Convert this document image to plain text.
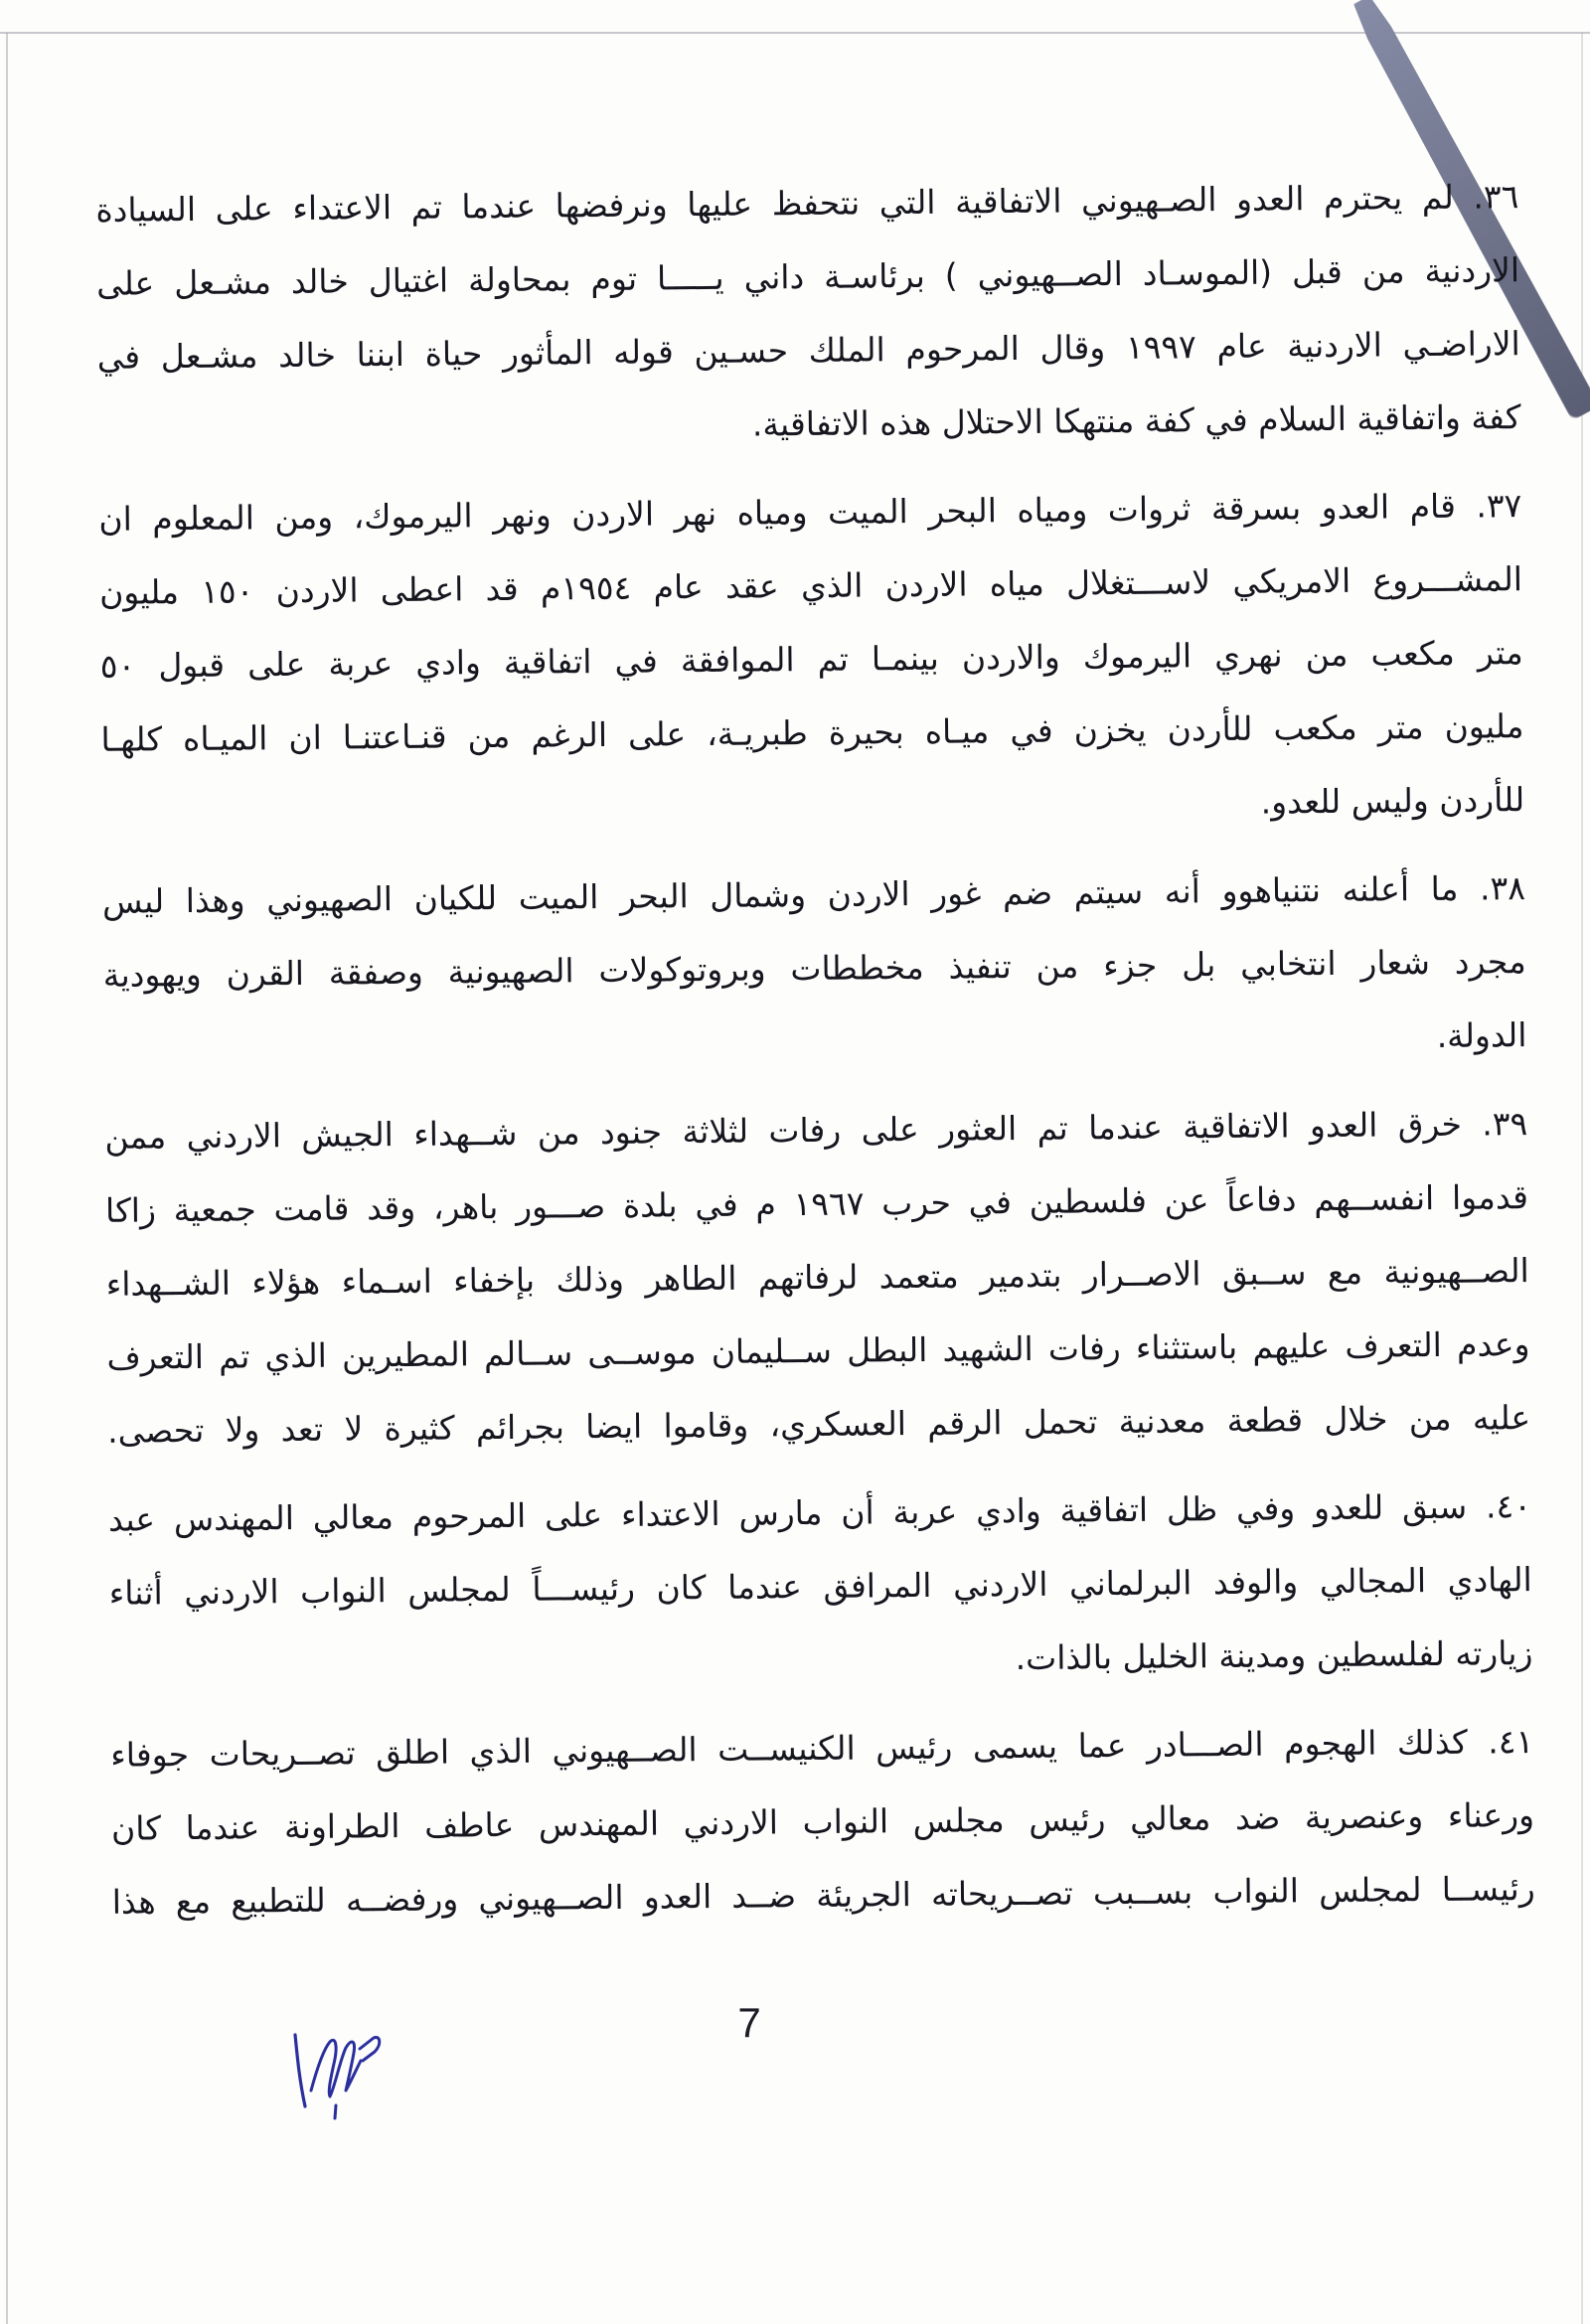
٣٦. لم يحترم العدو الصـهيوني الاتفاقية التي نتحفظ عليها ونرفضها عندما تم الاعتداء على السيادة
الاردنية من قبل (الموسـاد الصــهيوني ) برئاسـة داني يـــــا توم بمحاولة اغتيال خالد مشـعل على
الاراضـي الاردنية عام ١٩٩٧ وقال المرحوم الملك حسـين قوله المأثور حياة ابننا خالد مشـعل في
كفة واتفاقية السلام في كفة منتهكا الاحتلال هذه الاتفاقية.
٣٧. قام العدو بسرقة ثروات ومياه البحر الميت ومياه نهر الاردن ونهر اليرموك، ومن المعلوم ان
المشـــروع الامريكي لاســـتغلال مياه الاردن الذي عقد عام ١٩٥٤م قد اعطى الاردن ١٥٠ مليون
متر مكعب من نهري اليرموك والاردن بينمـا تم الموافقة في اتفاقية وادي عربة على قبول ٥٠
مليون متر مكعب للأردن يخزن في ميـاه بحيرة طبريـة، على الرغم من قنـاعتنـا ان الميـاه كلهـا
للأردن وليس للعدو.
٣٨. ما أعلنه نتنياهوو أنه سيتم ضم غور الاردن وشمال البحر الميت للكيان الصهيوني وهذا ليس
مجرد شعار انتخابي بل جزء من تنفيذ مخططات وبروتوكولات الصهيونية وصفقة القرن ويهودية
الدولة.
٣٩. خرق العدو الاتفاقية عندما تم العثور على رفات لثلاثة جنود من شــهداء الجيش الاردني ممن
قدموا انفســهم دفاعاً عن فلسطين في حرب ١٩٦٧ م في بلدة صـــور باهر، وقد قامت جمعية زاكا
الصــهيونية مع ســبق الاصــرار بتدمير متعمد لرفاتهم الطاهر وذلك بإخفاء اسـماء هؤلاء الشــهداء
وعدم التعرف عليهم باستثناء رفات الشهيد البطل ســليمان موســى ســالم المطيرين الذي تم التعرف
عليه من خلال قطعة معدنية تحمل الرقم العسكري، وقاموا ايضا بجرائم كثيرة لا تعد ولا تحصى.
٤٠. سبق للعدو وفي ظل اتفاقية وادي عربة أن مارس الاعتداء على المرحوم معالي المهندس عبد
الهادي المجالي والوفد البرلماني الاردني المرافق عندما كان رئيســـاً لمجلس النواب الاردني أثناء
زيارته لفلسطين ومدينة الخليل بالذات.
٤١. كذلك الهجوم الصـــادر عما يسمى رئيس الكنيســت الصــهيوني الذي اطلق تصــريحات جوفاء
ورعناء وعنصرية ضد معالي رئيس مجلس النواب الاردني المهندس عاطف الطراونة عندما كان
رئيســا لمجلس النواب بســبب تصــريحاته الجريئة ضــد العدو الصــهيوني ورفضــه للتطبيع مع هذا
7
